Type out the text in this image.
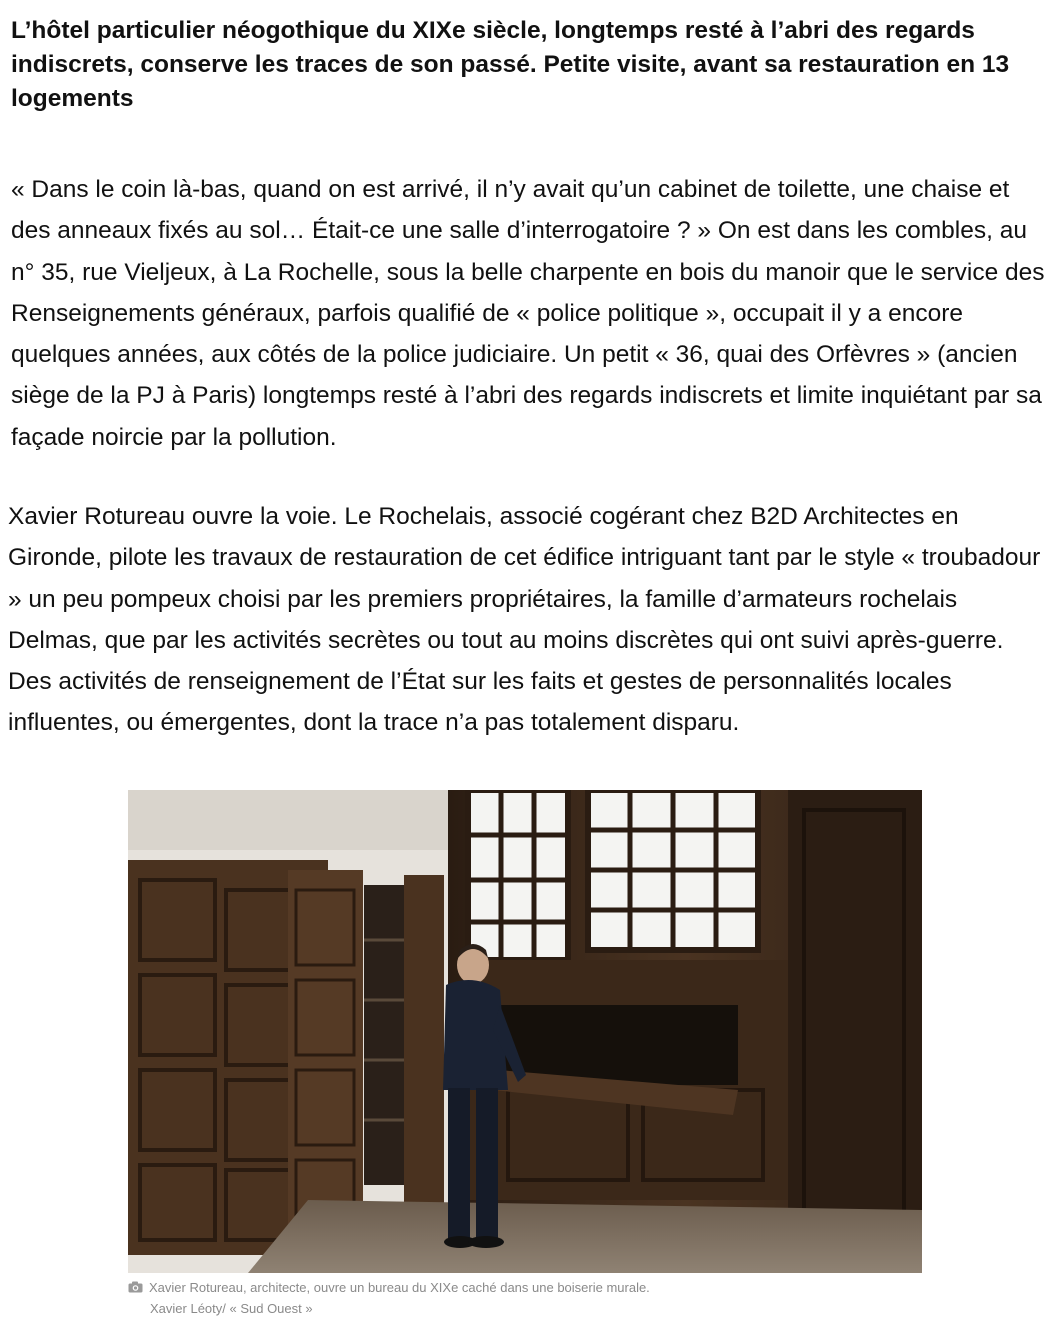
L’hôtel particulier néogothique du XIXe siècle, longtemps resté à l’abri des regards indiscrets, conserve les traces de son passé. Petite visite, avant sa restauration en 13 logements

« Dans le coin là-bas, quand on est arrivé, il n’y avait qu’un cabinet de toilette, une chaise et des anneaux fixés au sol… Était-ce une salle d’interrogatoire ? » On est dans les combles, au n° 35, rue Vieljeux, à La Rochelle, sous la belle charpente en bois du manoir que le service des Renseignements généraux, parfois qualifié de « police politique », occupait il y a encore quelques années, aux côtés de la police judiciaire. Un petit « 36, quai des Orfèvres » (ancien siège de la PJ à Paris) longtemps resté à l’abri des regards indiscrets et limite inquiétant par sa façade noircie par la pollution.

Xavier Rotureau ouvre la voie. Le Rochelais, associé cogérant chez B2D Architectes en Gironde, pilote les travaux de restauration de cet édifice intriguant tant par le style « troubadour » un peu pompeux choisi par les premiers propriétaires, la famille d’armateurs rochelais Delmas, que par les activités secrètes ou tout au moins discrètes qui ont suivi après-guerre. Des activités de renseignement de l’État sur les faits et gestes de personnalités locales influentes, ou émergentes, dont la trace n’a pas totalement disparu.

Xavier Rotureau, architecte, ouvre un bureau du XIXe caché dans une boiserie murale.
Xavier Léoty/ « Sud Ouest »
